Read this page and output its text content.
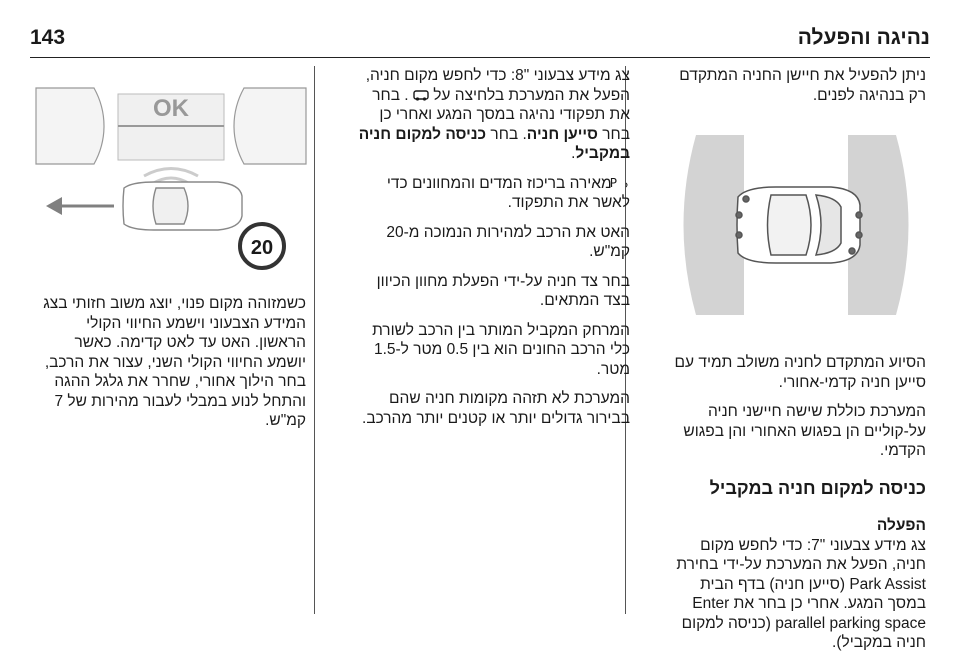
143	נהיגה והפעלה

ניתן להפעיל את חיישן החניה המתקדם רק בנהיגה לפנים.

הסיוע המתקדם לחניה משולב תמיד עם סייען חניה קדמי-אחורי.

המערכת כוללת שישה חיישני חניה על-קוליים הן בפגוש האחורי והן בפגוש הקדמי.

כניסה למקום חניה במקביל
הפעלה

צג מידע צבעוני "7: כדי לחפש מקום חניה, הפעל את המערכת על-ידי בחירת Park Assist (סייען חניה) בדף הבית במסך המגע. אחרי כן בחר את Enter parallel parking space (כניסה למקום חניה במקביל).

צג מידע צבעוני "8: כדי לחפש מקום חניה, הפעל את המערכת בלחיצה על  . בחר את תפקודי נהיגה במסך המגע ואחרי כן בחר סייען חניה. בחר כניסה למקום חניה במקביל.

P
מאירה בריכוז המדים והמחוונים כדי לאשר את התפקוד.

האט את הרכב למהירות הנמוכה מ-20 קמ"ש.

בחר צד חניה על-ידי הפעלת מחוון הכיוון בצד המתאים.

המרחק המקביל המותר בין הרכב לשורת כלי הרכב החונים הוא בין 0.5 מטר ל-1.5 מטר.

המערכת לא תזהה מקומות חניה שהם בבירור גדולים יותר או קטנים יותר מהרכב.

OK
20

כשמזוהה מקום פנוי, יוצג משוב חזותי בצג המידע הצבעוני וישמע החיווי הקולי הראשון. האט עד לאט קדימה. כאשר יושמע החיווי הקולי השני, עצור את הרכב, בחר הילוך אחורי, שחרר את גלגל ההגה והתחל לנוע במבלי לעבור מהירות של 7 קמ"ש.
